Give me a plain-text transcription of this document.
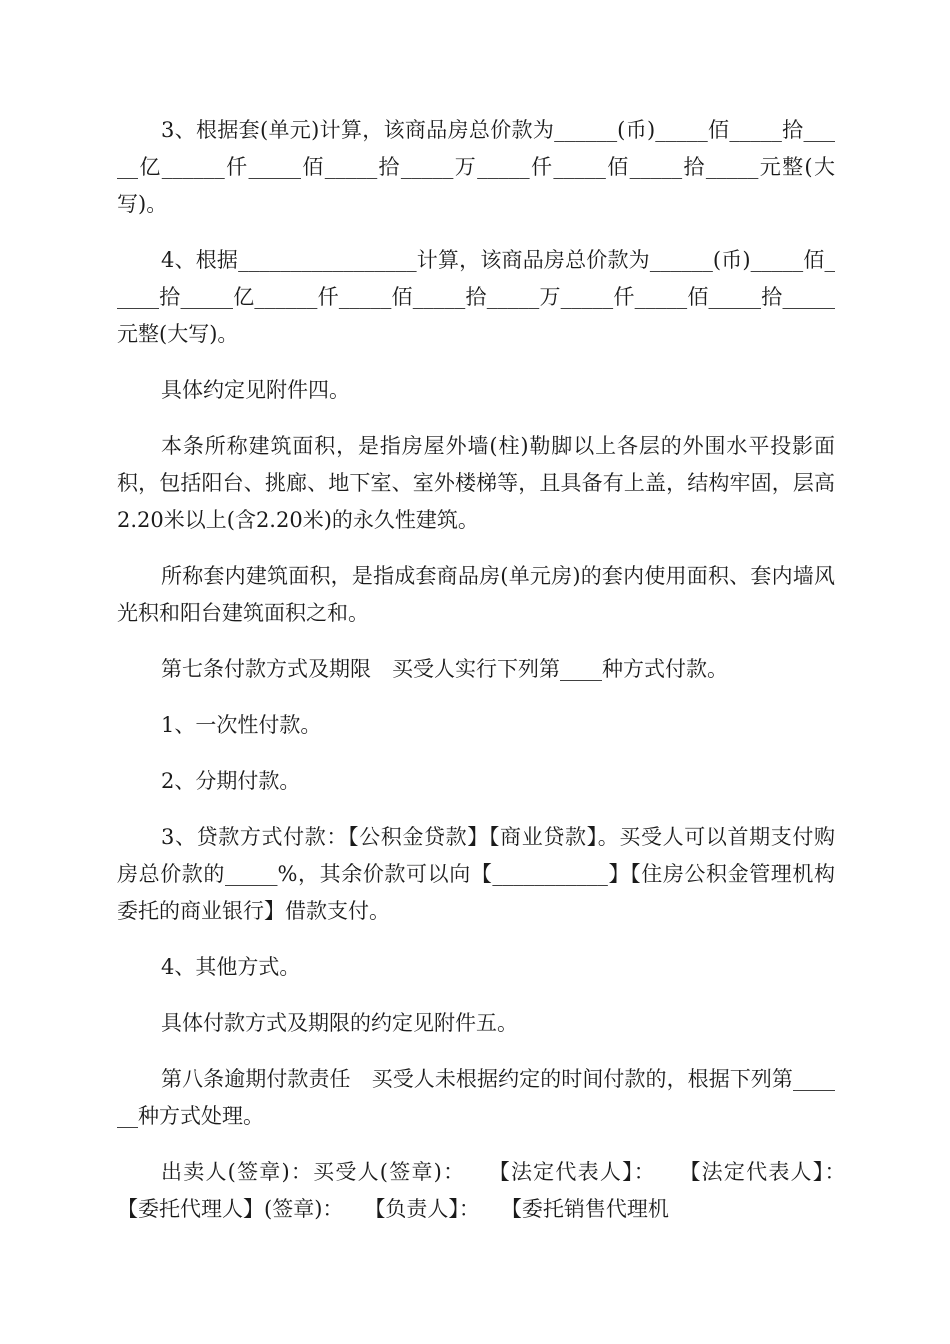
3、根据套(单元)计算，该商品房总价款为______(币)_____佰_____拾_____亿______仟_____佰_____拾_____万_____仟_____佰_____拾_____元整(大写)。

4、根据_________________计算，该商品房总价款为______(币)_____佰_____拾_____亿______仟_____佰_____拾_____万_____仟_____佰_____拾_____元整(大写)。

具体约定见附件四。

本条所称建筑面积，是指房屋外墙(柱)勒脚以上各层的外围水平投影面积，包括阳台、挑廊、地下室、室外楼梯等，且具备有上盖，结构牢固，层高2.20米以上(含2.20米)的永久性建筑。

所称套内建筑面积，是指成套商品房(单元房)的套内使用面积、套内墙风光积和阳台建筑面积之和。

第七条付款方式及期限　买受人实行下列第____种方式付款。

1、一次性付款。

2、分期付款。

3、贷款方式付款：【公积金贷款】【商业贷款】。买受人可以首期支付购房总价款的_____%，其余价款可以向【___________】【住房公积金管理机构委托的商业银行】借款支付。

4、其他方式。

具体付款方式及期限的约定见附件五。

第八条逾期付款责任　买受人未根据约定的时间付款的，根据下列第______种方式处理。

出卖人(签章)：买受人(签章)：　　【法定代表人】：　　【法定代表人】：　　【委托代理人】(签章)：　　【负责人】：　　【委托销售代理机
